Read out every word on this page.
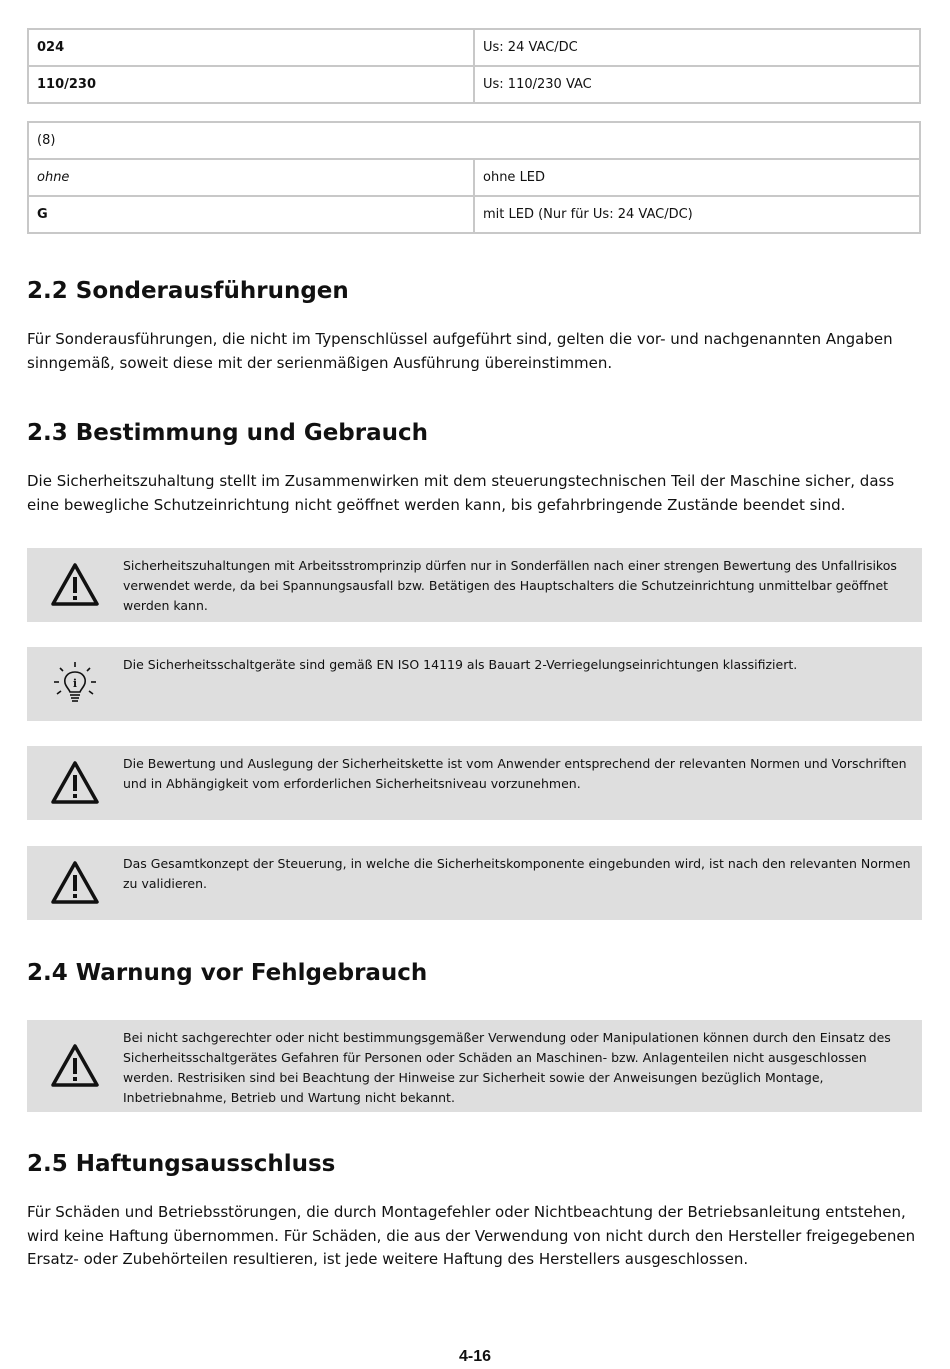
024	Us: 24 VAC/DC
110/230	Us: 110/230 VAC
(8)	
ohne	ohne LED
G	mit LED (Nur für Us: 24 VAC/DC)
2.2 Sonderausführungen

Für Sonderausführungen, die nicht im Typenschlüssel aufgeführt sind, gelten die vor- und nachgenannten Angaben sinngemäß, soweit diese mit der serienmäßigen Ausführung übereinstimmen.

2.3 Bestimmung und Gebrauch

Die Sicherheitszuhaltung stellt im Zusammenwirken mit dem steuerungstechnischen Teil der Maschine sicher, dass eine bewegliche Schutzeinrichtung nicht geöffnet werden kann, bis gefahrbringende Zustände beendet sind.

Sicherheitszuhaltungen mit Arbeitsstromprinzip dürfen nur in Sonderfällen nach einer strengen Bewertung des Unfallrisikos verwendet werde, da bei Spannungsausfall bzw. Betätigen des Hauptschalters die Schutzeinrichtung unmittelbar geöffnet werden kann.
i
Die Sicherheitsschaltgeräte sind gemäß EN ISO 14119 als Bauart 2-Verriegelungseinrichtungen klassifiziert.
Die Bewertung und Auslegung der Sicherheitskette ist vom Anwender entsprechend der relevanten Normen und Vorschriften und in Abhängigkeit vom erforderlichen Sicherheitsniveau vorzunehmen.
Das Gesamtkonzept der Steuerung, in welche die Sicherheitskomponente eingebunden wird, ist nach den relevanten Normen zu validieren.
2.4 Warnung vor Fehlgebrauch
Bei nicht sachgerechter oder nicht bestimmungsgemäßer Verwendung oder Manipulationen können durch den Einsatz des Sicherheitsschaltgerätes Gefahren für Personen oder Schäden an Maschinen- bzw. Anlagenteilen nicht ausgeschlossen werden. Restrisiken sind bei Beachtung der Hinweise zur Sicherheit sowie der Anweisungen bezüglich Montage, Inbetriebnahme, Betrieb und Wartung nicht bekannt.
2.5 Haftungsausschluss

Für Schäden und Betriebsstörungen, die durch Montagefehler oder Nichtbeachtung der Betriebsanleitung entstehen, wird keine Haftung übernommen. Für Schäden, die aus der Verwendung von nicht durch den Hersteller freigegebenen Ersatz- oder Zubehörteilen resultieren, ist jede weitere Haftung des Herstellers ausgeschlossen.

4-16
